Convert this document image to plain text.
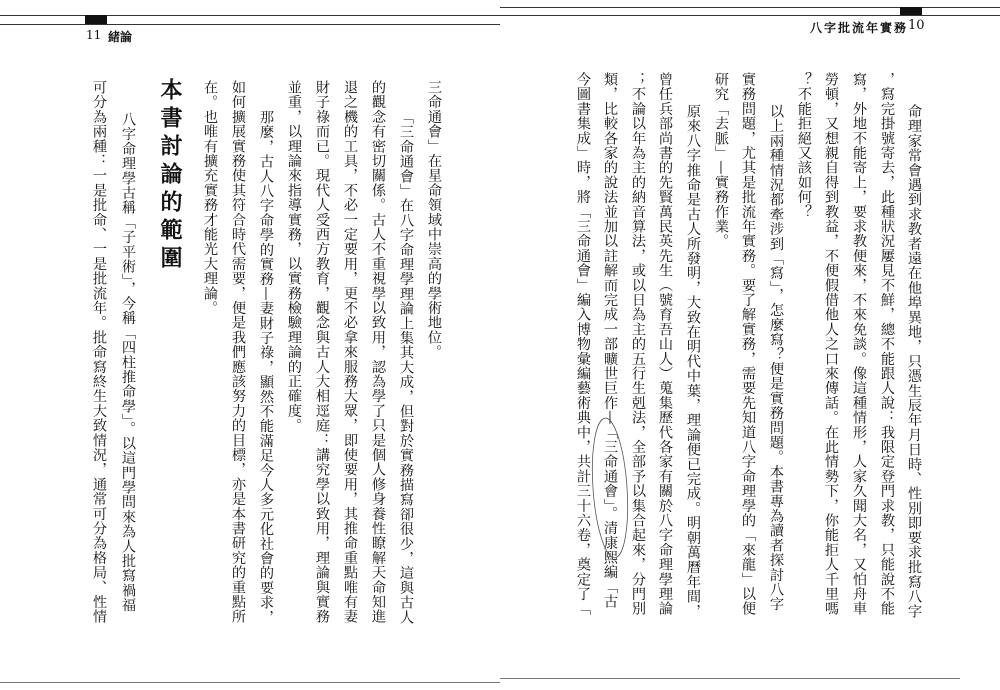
11 緒論
三命通會」在星命領域中崇高的學術地位。
「三命通會」在八字命理學理論上集其大成，但對於實務描寫卻很少，這與古人
的觀念有密切關係。古人不重視學以致用，認為學了只是個人修身養性瞭解天命知進
退之機的工具，不必一定要用，更不必拿來服務大眾，即使要用，其推命重點唯有妻
財子祿而已。現代人受西方教育，觀念與古人大相逕庭：講究學以致用，理論與實務
並重，以理論來指導實務，以實務檢驗理論的正確度。
那麼，古人八字命學的實務—妻財子祿，顯然不能滿足今人多元化社會的要求，
如何擴展實務使其符合時代需要，便是我們應該努力的目標，亦是本書研究的重點所
在。也唯有擴充實務才能光大理論。
本書討論的範圍
八字命理學古稱「子平術」，今稱「四柱推命學」。以這門學問來為人批寫禍福
可分為兩種：一是批命、一是批流年。批命寫終生大致情況，通常可分為格局、性情
八字批流年實務 10
命理家常會遇到求教者遠在他埠異地，只憑生辰年月日時、性別即要求批寫八字
，寫完掛號寄去，此種狀況屢見不鮮，總不能跟人說：我限定登門求教，只能說不能
寫，外地不能寄上，要求教便來，不來免談。像這種情形，人家久聞大名，又怕舟車
勞頓，又想親自得到教益，不便假借他人之口來傳話。在此情勢下，你能拒人千里嗎
？不能拒絕又該如何？
以上兩種情況都牽涉到「寫」，怎麼寫？便是實務問題。本書專為讀者探討八字
實務問題，尤其是批流年實務。要了解實務，需要先知道八字命理學的「來龍」以便
研究「去脈」—實務作業。
原來八字推命是古人所發明，大致在明代中葉，理論便已完成。明朝萬曆年間，
曾任兵部尚書的先賢萬民英先生（號育吾山人）蒐集歷代各家有關於八字命理學理論
；不論以年為主的納音算法，或以日為主的五行生剋法，全部予以集合起來，分門別
類，比較各家的說法並加以註解而完成一部曠世巨作—「三命通會」。清康熙編「古
今圖書集成」時，將「三命通會」編入博物彙編藝術典中，共計三十六卷，奠定了「
